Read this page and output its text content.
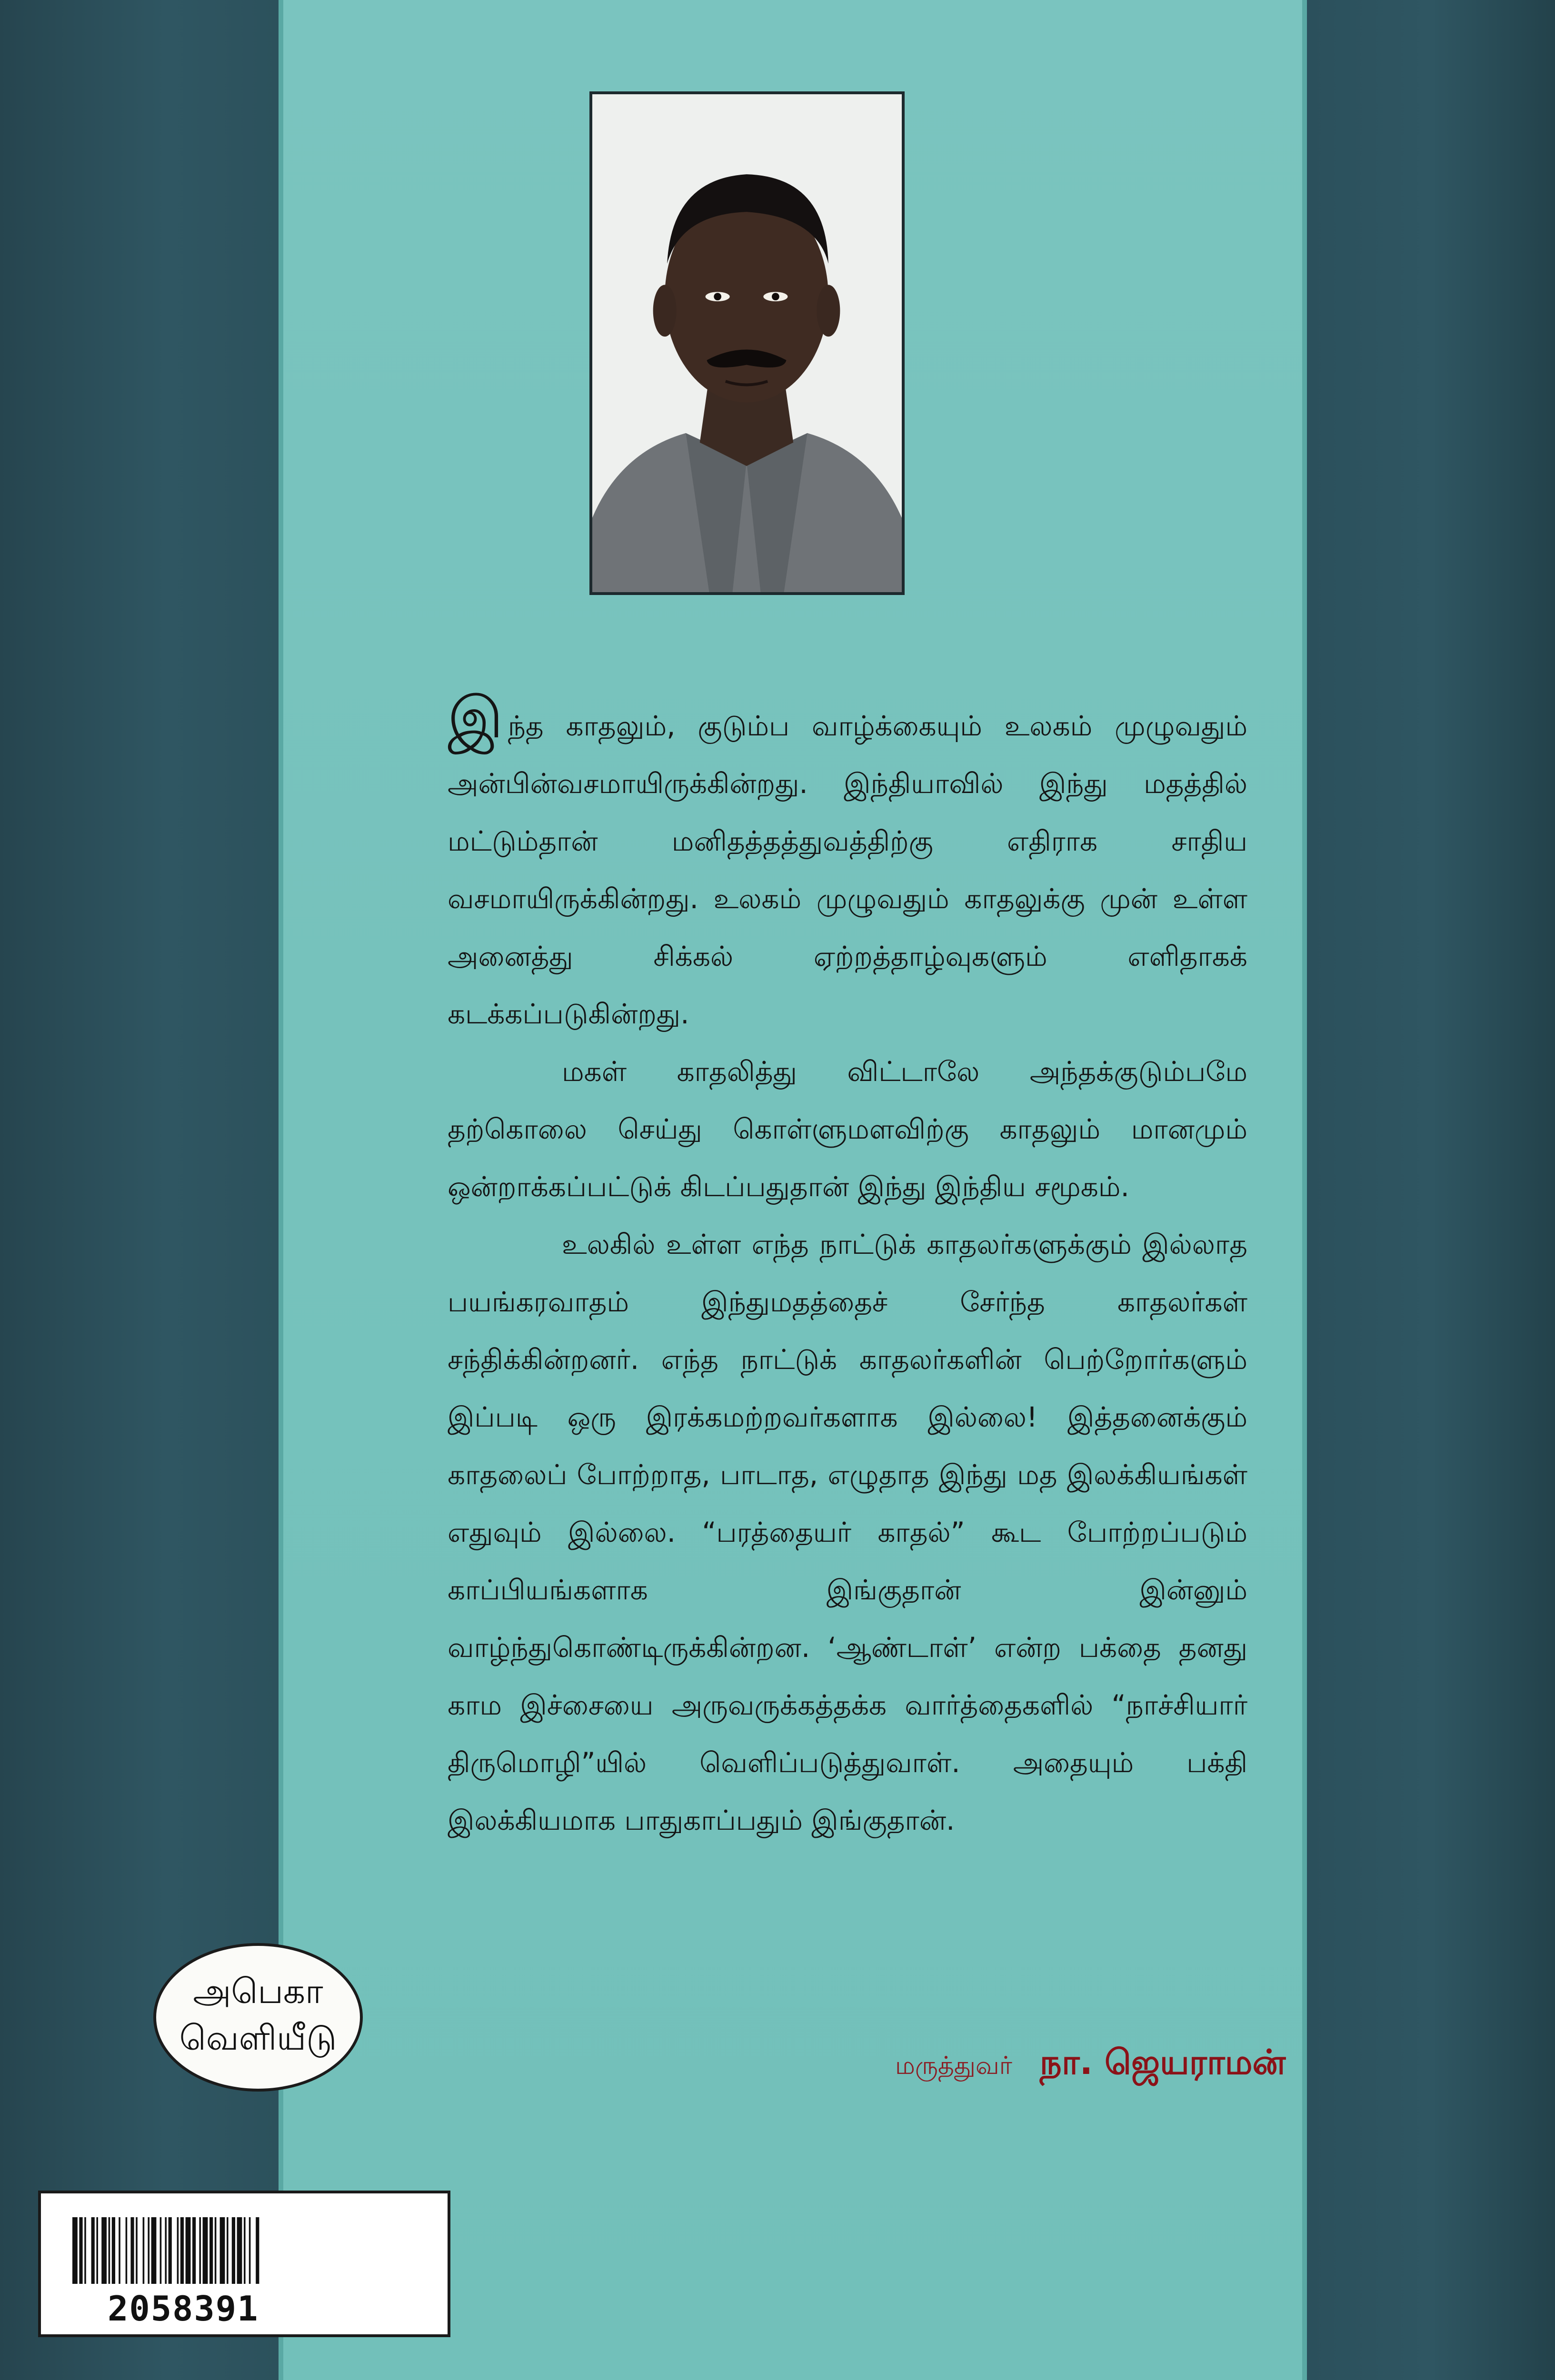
இந்த காதலும், குடும்ப வாழ்க்கையும் உலகம் முழுவதும் அன்பின்வசமாயிருக்கின்றது. இந்தியாவில் இந்து மதத்தில் மட்டும்தான் மனிதத்தத்துவத்திற்கு எதிராக சாதிய வசமாயிருக்கின்றது. உலகம் முழுவதும் காதலுக்கு முன் உள்ள அனைத்து சிக்கல் ஏற்றத்தாழ்வுகளும் எளிதாகக் கடக்கப்படுகின்றது.

மகள் காதலித்து விட்டாலே அந்தக்குடும்பமே தற்கொலை செய்து கொள்ளுமளவிற்கு காதலும் மானமும் ஒன்றாக்கப்பட்டுக் கிடப்பதுதான் இந்து இந்திய சமூகம்.

உலகில் உள்ள எந்த நாட்டுக் காதலர்களுக்கும் இல்லாத பயங்கரவாதம் இந்துமதத்தைச் சேர்ந்த காதலர்கள் சந்திக்கின்றனர். எந்த நாட்டுக் காதலர்களின் பெற்றோர்களும் இப்படி ஒரு இரக்கமற்றவர்களாக இல்லை! இத்தனைக்கும் காதலைப் போற்றாத, பாடாத, எழுதாத இந்து மத இலக்கியங்கள் எதுவும் இல்லை. “பரத்தையர் காதல்” கூட போற்றப்படும் காப்பியங்களாக இங்குதான் இன்னும் வாழ்ந்துகொண்டிருக்கின்றன. ‘ஆண்டாள்’ என்ற பக்தை தனது காம இச்சையை அருவருக்கத்தக்க வார்த்தைகளில் “நாச்சியார் திருமொழி”யில் வெளிப்படுத்துவாள். அதையும் பக்தி இலக்கியமாக பாதுகாப்பதும் இங்குதான்.

மருத்துவர் நா. ஜெயராமன்
அபெகா
வெளியீடு
2058391
